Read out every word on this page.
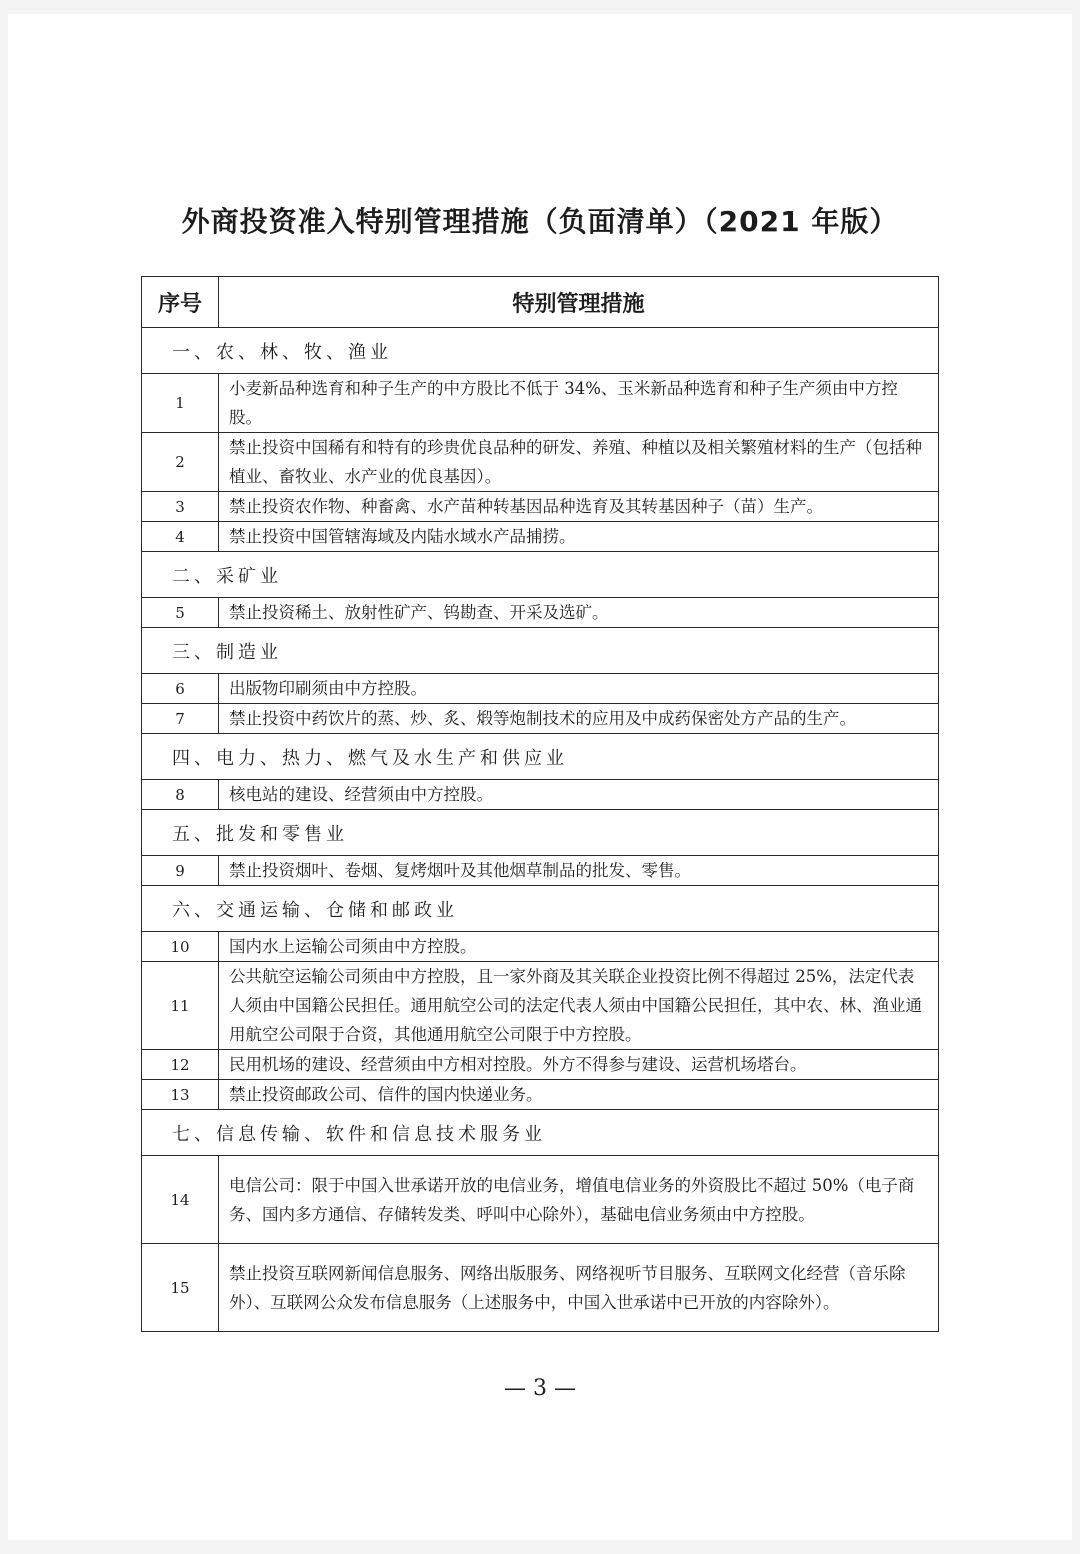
外商投资准入特别管理措施（负面清单）（2021 年版）
序号	特别管理措施
一、农、林、牧、渔业	
1	小麦新品种选育和种子生产的中方股比不低于 34%、玉米新品种选育和种子生产须由中方控股。
2	禁止投资中国稀有和特有的珍贵优良品种的研发、养殖、种植以及相关繁殖材料的生产（包括种植业、畜牧业、水产业的优良基因）。
3	禁止投资农作物、种畜禽、水产苗种转基因品种选育及其转基因种子（苗）生产。
4	禁止投资中国管辖海域及内陆水域水产品捕捞。
二、采矿业	
5	禁止投资稀土、放射性矿产、钨勘查、开采及选矿。
三、制造业	
6	出版物印刷须由中方控股。
7	禁止投资中药饮片的蒸、炒、炙、煅等炮制技术的应用及中成药保密处方产品的生产。
四、电力、热力、燃气及水生产和供应业	
8	核电站的建设、经营须由中方控股。
五、批发和零售业	
9	禁止投资烟叶、卷烟、复烤烟叶及其他烟草制品的批发、零售。
六、交通运输、仓储和邮政业	
10	国内水上运输公司须由中方控股。
11	公共航空运输公司须由中方控股，且一家外商及其关联企业投资比例不得超过 25%，法定代表人须由中国籍公民担任。通用航空公司的法定代表人须由中国籍公民担任，其中农、林、渔业通用航空公司限于合资，其他通用航空公司限于中方控股。
12	民用机场的建设、经营须由中方相对控股。外方不得参与建设、运营机场塔台。
13	禁止投资邮政公司、信件的国内快递业务。
七、信息传输、软件和信息技术服务业	
14	电信公司：限于中国入世承诺开放的电信业务，增值电信业务的外资股比不超过 50%（电子商务、国内多方通信、存储转发类、呼叫中心除外），基础电信业务须由中方控股。
15	禁止投资互联网新闻信息服务、网络出版服务、网络视听节目服务、互联网文化经营（音乐除外）、互联网公众发布信息服务（上述服务中，中国入世承诺中已开放的内容除外）。
— 3 —
